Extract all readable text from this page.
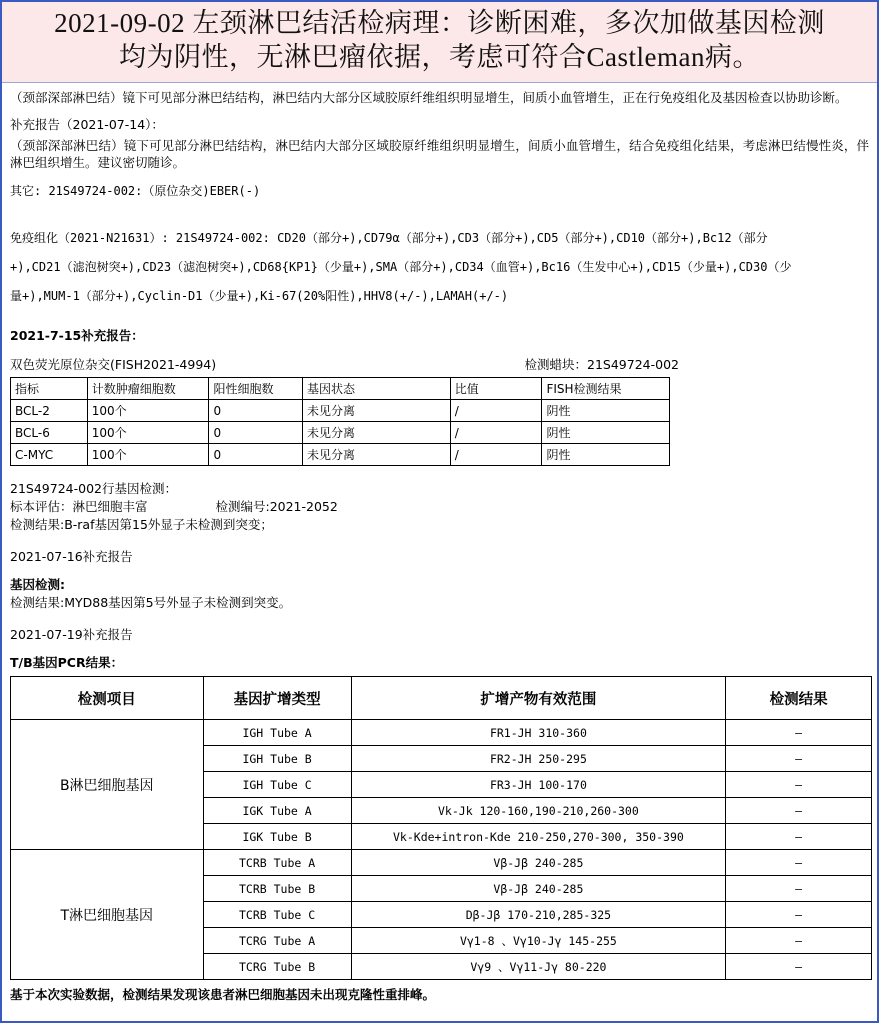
2021-09-02 左颈淋巴结活检病理：诊断困难，多次加做基因检测
均为阴性，无淋巴瘤依据，考虑可符合Castleman病。

（颈部深部淋巴结）镜下可见部分淋巴结结构，淋巴结内大部分区域胶原纤维组织明显增生，间质小血管增生，正在行免疫组化及基因检查以协助诊断。

补充报告（2021-07-14）：

（颈部深部淋巴结）镜下可见部分淋巴结结构，淋巴结内大部分区域胶原纤维组织明显增生，间质小血管增生，结合免疫组化结果，考虑淋巴结慢性炎，伴淋巴组织增生。建议密切随诊。

其它: 21S49724-002:（原位杂交)EBER(-)

免疫组化（2021-N21631）: 21S49724-002: CD20（部分+),CD79α（部分+),CD3（部分+),CD5（部分+),CD10（部分+),Bc12（部分

+),CD21（滤泡树突+),CD23（滤泡树突+),CD68{KP1}（少量+),SMA（部分+),CD34（血管+),Bc16（生发中心+),CD15（少量+),CD30（少

量+),MUM-1（部分+),Cyclin-D1（少量+),Ki-67(20%阳性),HHV8(+/-),LAMAH(+/-)

2021-7-15补充报告：

双色荧光原位杂交(FISH2021-4994)	检测蜡块：21S49724-002
指标	计数肿瘤细胞数	阳性细胞数	基因状态	比值	FISH检测结果
BCL-2	100个	0	未见分离	/	阴性
BCL-6	100个	0	未见分离	/	阴性
C-MYC	100个	0	未见分离	/	阴性

21S49724-002行基因检测：

标本评估：淋巴细胞丰富	检测编号:2021-2052

检测结果:B-raf基因第15外显子未检测到突变；

2021-07-16补充报告

基因检测:

检测结果:MYD88基因第5号外显子未检测到突变。

2021-07-19补充报告

T/B基因PCR结果：

检测项目	基因扩增类型	扩增产物有效范围	检测结果
B淋巴细胞基因	IGH Tube A	FR1-JH 310-360	—
	IGH Tube B	FR2-JH 250-295	—
	IGH Tube C	FR3-JH 100-170	—
	IGK Tube A	Vk-Jk 120-160,190-210,260-300	—
	IGK Tube B	Vk-Kde+intron-Kde 210-250,270-300, 350-390	—
T淋巴细胞基因	TCRB Tube A	Vβ-Jβ 240-285	—
	TCRB Tube B	Vβ-Jβ 240-285	—
	TCRB Tube C	Dβ-Jβ 170-210,285-325	—
	TCRG Tube A	Vγ1-8 、Vγ10-Jγ 145-255	—
	TCRG Tube B	Vγ9 、Vγ11-Jγ 80-220	—
基于本次实验数据，检测结果发现该患者淋巴细胞基因未出现克隆性重排峰。
